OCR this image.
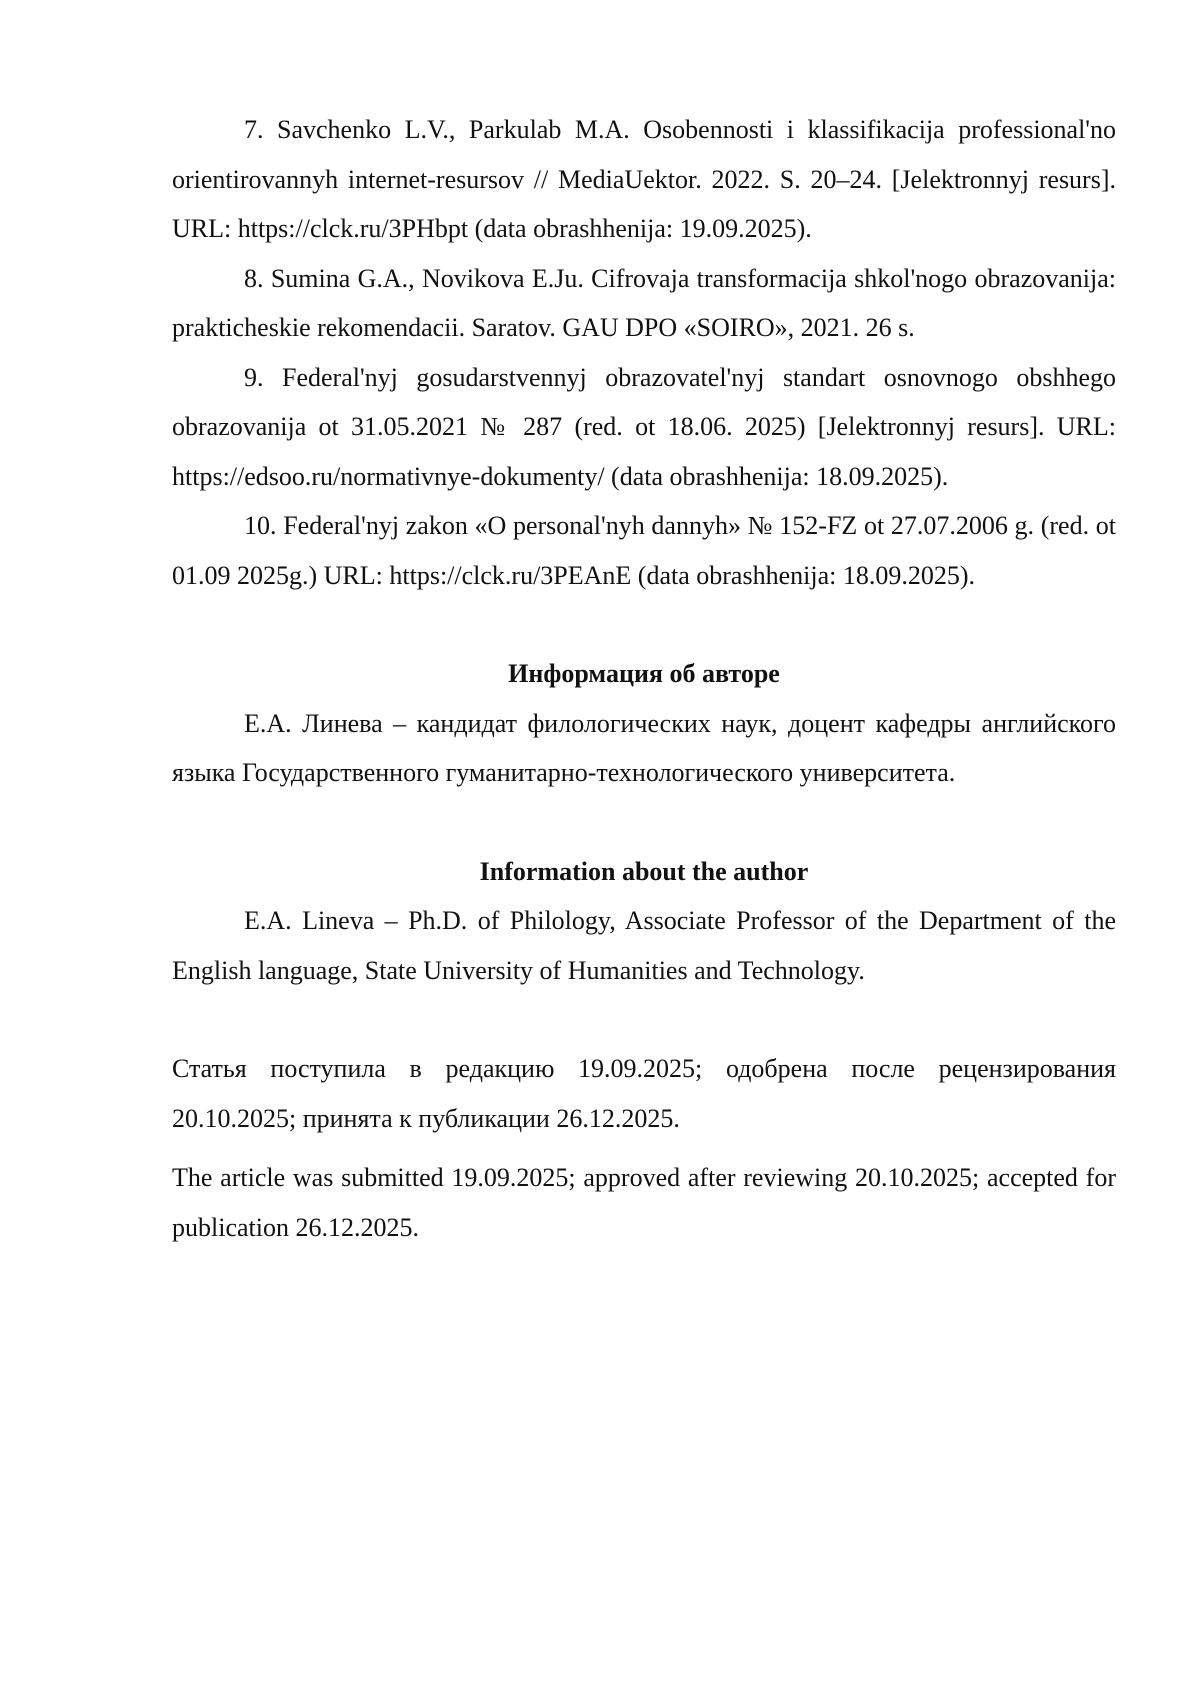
7. Savchenko L.V., Parkulab M.A. Osobennosti i klassifikacija professional'no orientirovannyh internet-resursov // MediaUektor. 2022. S. 20–24. [Jelektronnyj resurs]. URL: https://clck.ru/3PHbpt (data obrashhenija: 19.09.2025).

8. Sumina G.A., Novikova E.Ju. Cifrovaja transformacija shkol'nogo obrazovanija: prakticheskie rekomendacii. Saratov. GAU DPO «SOIRO», 2021. 26 s.

9. Federal'nyj gosudarstvennyj obrazovatel'nyj standart osnovnogo obshhego obrazovanija ot 31.05.2021 № 287 (red. ot 18.06. 2025) [Jelektronnyj resurs]. URL: https://edsoo.ru/normativnye-dokumenty/ (data obrashhenija: 18.09.2025).

10. Federal'nyj zakon «O personal'nyh dannyh» № 152-FZ ot 27.07.2006 g. (red. ot 01.09 2025g.) URL: https://clck.ru/3PEAnE (data obrashhenija: 18.09.2025).

Информация об авторе

Е.А. Линева – кандидат филологических наук, доцент кафедры английского языка Государственного гуманитарно-технологического университета.

Information about the author

E.A. Lineva – Ph.D. of Philology, Associate Professor of the Department of the English language, State University of Humanities and Technology.

Статья поступила в редакцию 19.09.2025; одобрена после рецензирования 20.10.2025; принята к публикации 26.12.2025.

The article was submitted 19.09.2025; approved after reviewing 20.10.2025; accepted for publication 26.12.2025.
